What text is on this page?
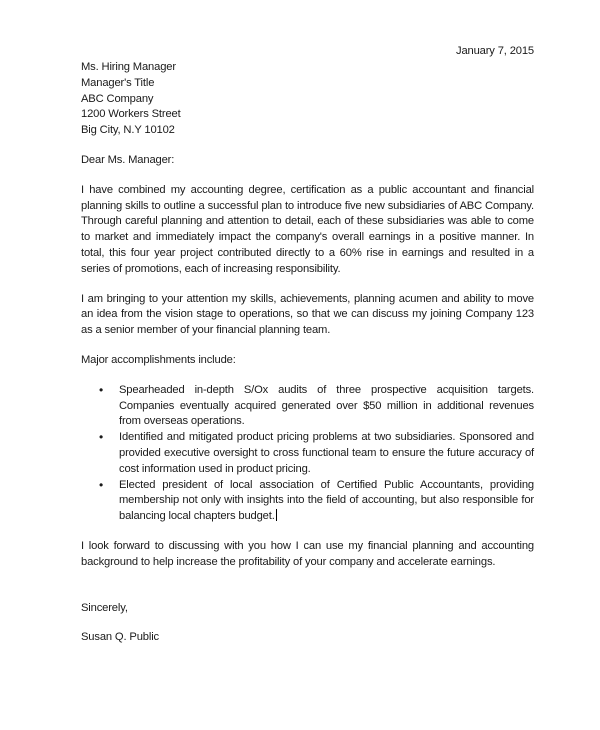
January 7, 2015
Ms. Hiring Manager
Manager's Title
ABC Company
1200 Workers Street
Big City, N.Y 10102
Dear Ms. Manager:

I have combined my accounting degree, certification as a public accountant and financial planning skills to outline a successful plan to introduce five new subsidiaries of ABC Company. Through careful planning and attention to detail, each of these subsidiaries was able to come to market and immediately impact the company's overall earnings in a positive manner. In total, this four year project contributed directly to a 60% rise in earnings and resulted in a series of promotions, each of increasing responsibility.

I am bringing to your attention my skills, achievements, planning acumen and ability to move an idea from the vision stage to operations, so that we can discuss my joining Company 123 as a senior member of your financial planning team.

Major accomplishments include:

• Spearheaded in-depth S/Ox audits of three prospective acquisition targets. Companies eventually acquired generated over $50 million in additional revenues from overseas operations.
• Identified and mitigated product pricing problems at two subsidiaries. Sponsored and provided executive oversight to cross functional team to ensure the future accuracy of cost information used in product pricing.
• Elected president of local association of Certified Public Accountants, providing membership not only with insights into the field of accounting, but also responsible for balancing local chapters budget.

I look forward to discussing with you how I can use my financial planning and accounting background to help increase the profitability of your company and accelerate earnings.

Sincerely,
Susan Q. Public
